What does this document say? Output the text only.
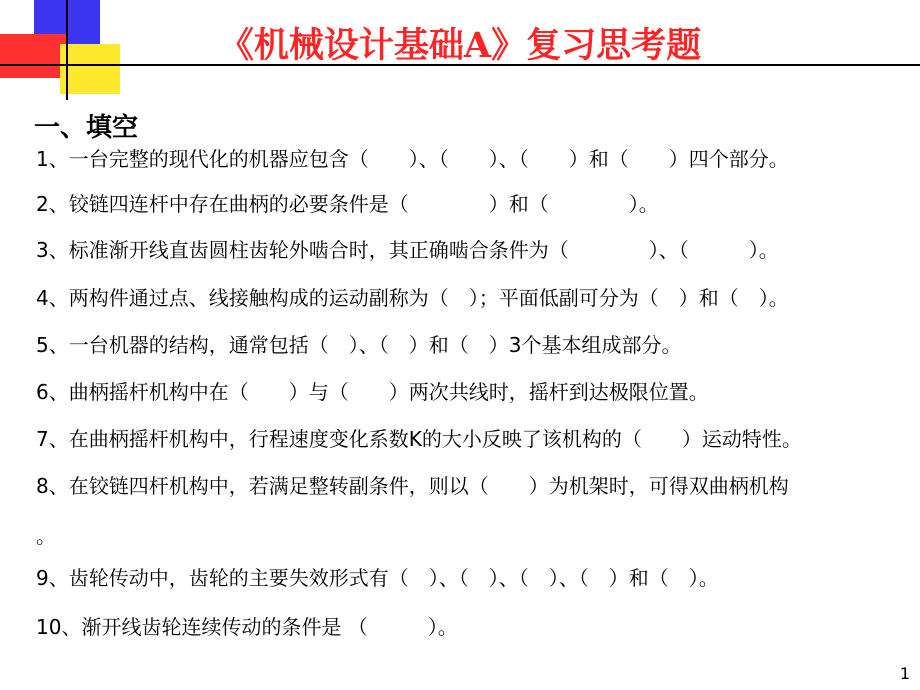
《机械设计基础A》复习思考题
一、填空
1、一台完整的现代化的机器应包含（　　）、（　　）、（　　）和（　　）四个部分。
2、铰链四连杆中存在曲柄的必要条件是（　　　　）和（　　　　）。
3、标准渐开线直齿圆柱齿轮外啮合时，其正确啮合条件为（　　　　）、（　　　）。
4、两构件通过点、线接触构成的运动副称为（　）；平面低副可分为（　）和（　）。
5、一台机器的结构，通常包括（　）、（　）和（　）3个基本组成部分。
6、曲柄摇杆机构中在（　　）与（　　）两次共线时，摇杆到达极限位置。
7、在曲柄摇杆机构中，行程速度变化系数K的大小反映了该机构的（　　）运动特性。
8、在铰链四杆机构中，若满足整转副条件，则以（　　）为机架时，可得双曲柄机构
。
9、齿轮传动中，齿轮的主要失效形式有（　）、（　）、（　）、（　）和（　）。
10、渐开线齿轮连续传动的条件是 （　　　）。
1
